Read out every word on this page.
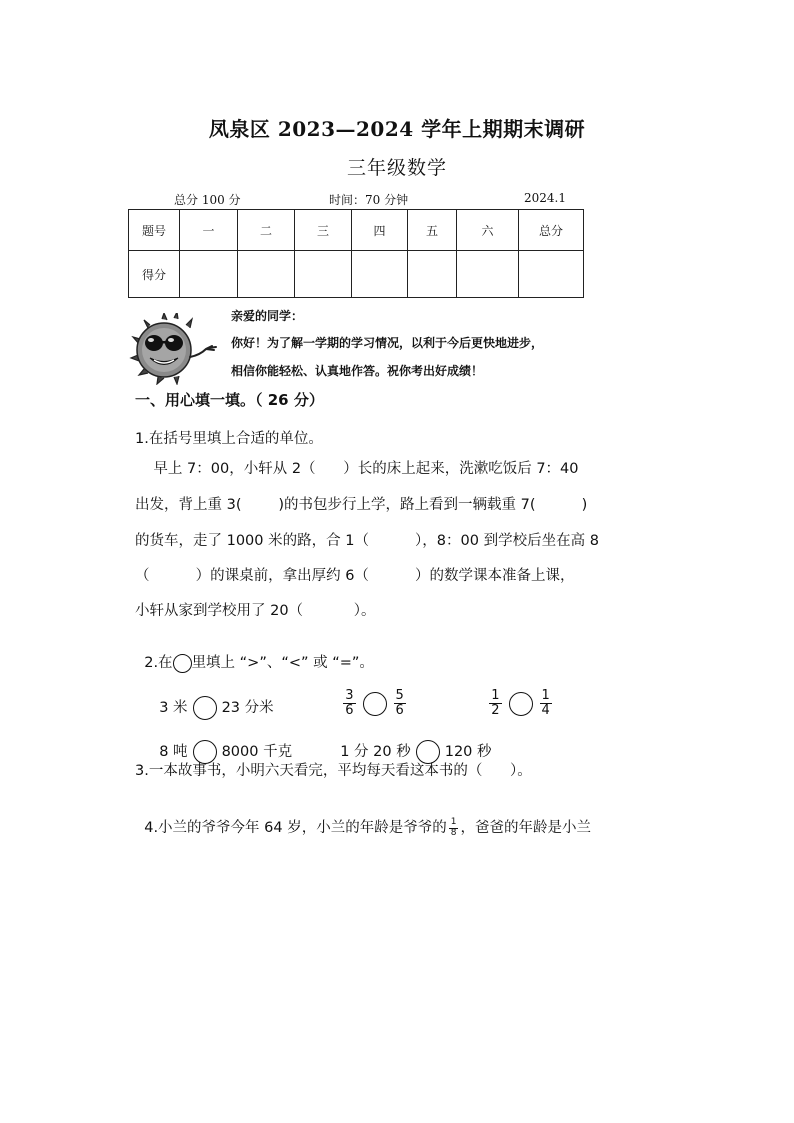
凤泉区 2023—2024 学年上期期末调研
三年级数学
总分 100 分	时间：70 分钟	2024.1
题号	一	二	三	四	五	六	总分
得分							
亲爱的同学：
你好！为了解一学期的学习情况，以利于今后更快地进步，
相信你能轻松、认真地作答。祝你考出好成绩！
一、用心填一填。（ 26 分）
1.在括号里填上合适的单位。
早上 7：00，小轩从 2（      ）长的床上起来，洗漱吃饭后 7：40
出发，背上重 3(        )的书包步行上学，路上看到一辆载重 7(          )
的货车，走了 1000 米的路，合 1（          ），8：00 到学校后坐在高 8
（          ）的课桌前，拿出厚约 6（          ）的数学课本准备上课，
小轩从家到学校用了 20（           ）。

2.在 里填上 “>”、“<” 或 “=”。

3 米 23 分米

	$\frac{3}{6}$	$\frac{5}{6}$

	$\frac{1}{2}$	$\frac{1}{4}$

8 吨 8000 千克	1 分 20 秒 120 秒

3.一本故事书，小明六天看完，平均每天看这本书的（      ）。

4.小兰的爷爷今年 64 岁，小兰的年龄是爷爷的 $\frac{1}{8}$ ，爸爸的年龄是小兰
